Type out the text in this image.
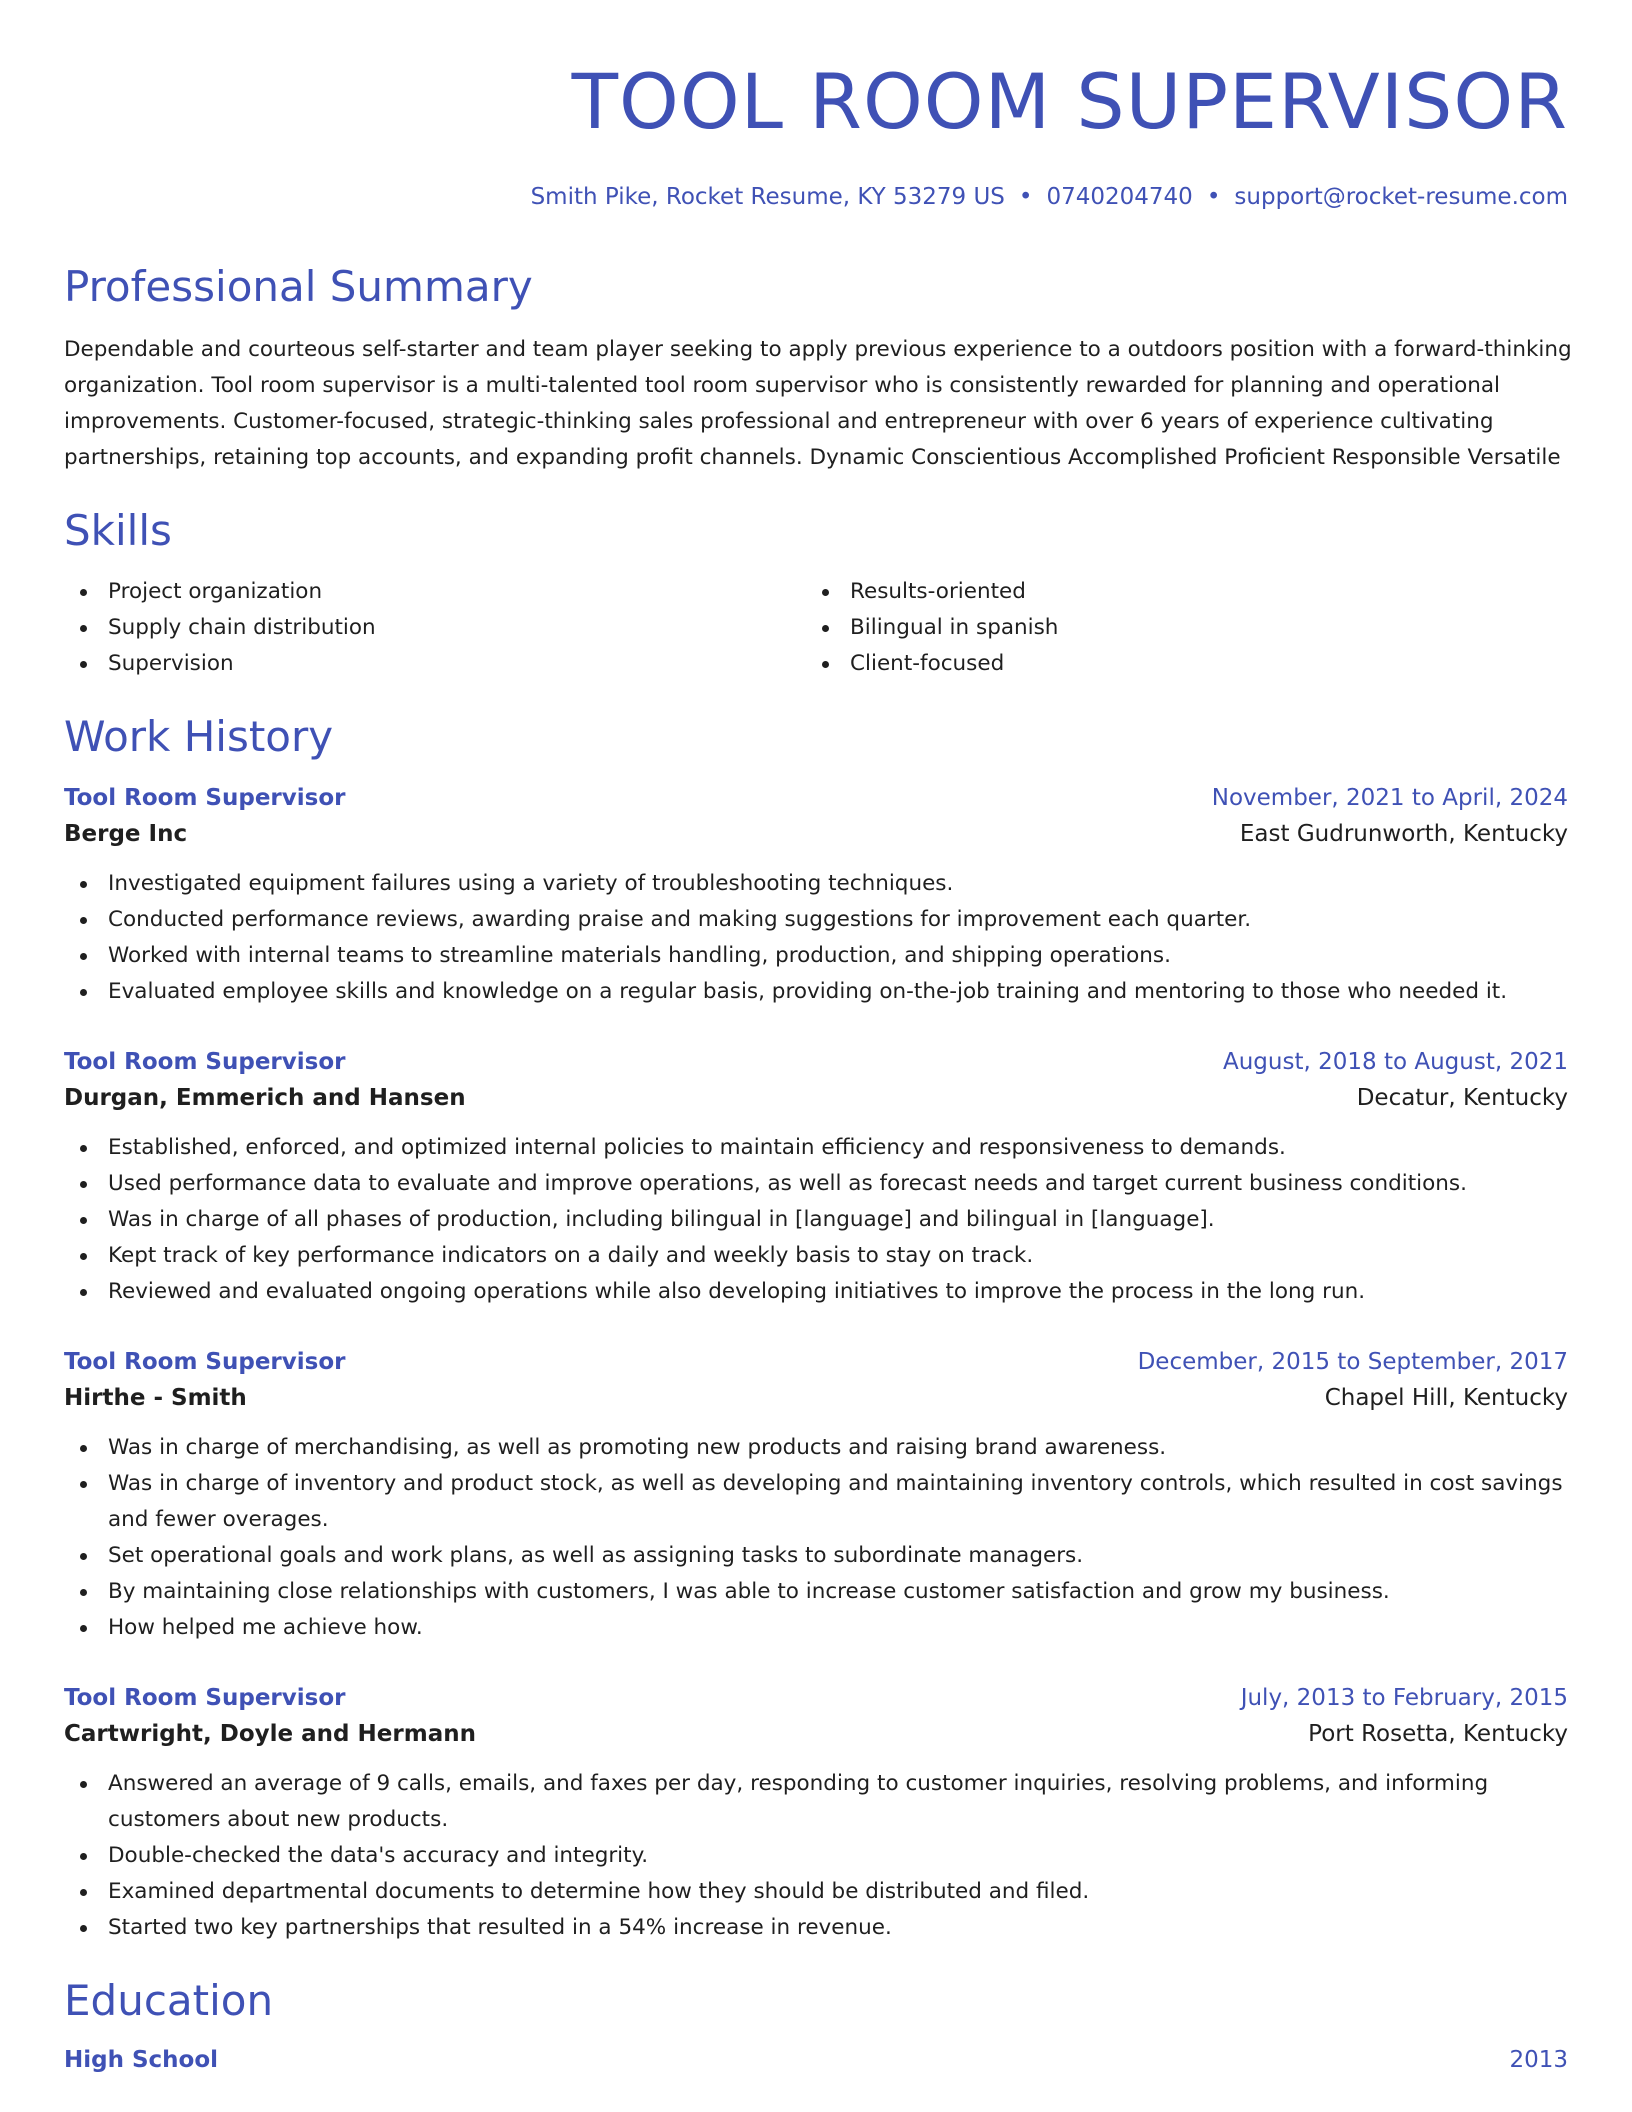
TOOL ROOM SUPERVISOR
Smith Pike, Rocket Resume, KY 53279 US • 0740204740 • support@rocket-resume.com
Professional Summary
Dependable and courteous self-starter and team player seeking to apply previous experience to a outdoors position with a forward-thinking
organization. Tool room supervisor is a multi-talented tool room supervisor who is consistently rewarded for planning and operational
improvements. Customer-focused, strategic-thinking sales professional and entrepreneur with over 6 years of experience cultivating
partnerships, retaining top accounts, and expanding profit channels. Dynamic Conscientious Accomplished Proficient Responsible Versatile
Skills
Project organization
Supply chain distribution
Supervision
Results-oriented
Bilingual in spanish
Client-focused
Work History
Tool Room Supervisor	November, 2021 to April, 2024
Berge Inc	East Gudrunworth, Kentucky
Investigated equipment failures using a variety of troubleshooting techniques.
Conducted performance reviews, awarding praise and making suggestions for improvement each quarter.
Worked with internal teams to streamline materials handling, production, and shipping operations.
Evaluated employee skills and knowledge on a regular basis, providing on-the-job training and mentoring to those who needed it.
Tool Room Supervisor	August, 2018 to August, 2021
Durgan, Emmerich and Hansen	Decatur, Kentucky
Established, enforced, and optimized internal policies to maintain efficiency and responsiveness to demands.
Used performance data to evaluate and improve operations, as well as forecast needs and target current business conditions.
Was in charge of all phases of production, including bilingual in [language] and bilingual in [language].
Kept track of key performance indicators on a daily and weekly basis to stay on track.
Reviewed and evaluated ongoing operations while also developing initiatives to improve the process in the long run.
Tool Room Supervisor	December, 2015 to September, 2017
Hirthe - Smith	Chapel Hill, Kentucky
Was in charge of merchandising, as well as promoting new products and raising brand awareness.
Was in charge of inventory and product stock, as well as developing and maintaining inventory controls, which resulted in cost savings and fewer overages.
Set operational goals and work plans, as well as assigning tasks to subordinate managers.
By maintaining close relationships with customers, I was able to increase customer satisfaction and grow my business.
How helped me achieve how.
Tool Room Supervisor	July, 2013 to February, 2015
Cartwright, Doyle and Hermann	Port Rosetta, Kentucky
Answered an average of 9 calls, emails, and faxes per day, responding to customer inquiries, resolving problems, and informing customers about new products.
Double-checked the data's accuracy and integrity.
Examined departmental documents to determine how they should be distributed and filed.
Started two key partnerships that resulted in a 54% increase in revenue.
Education
High School	2013
